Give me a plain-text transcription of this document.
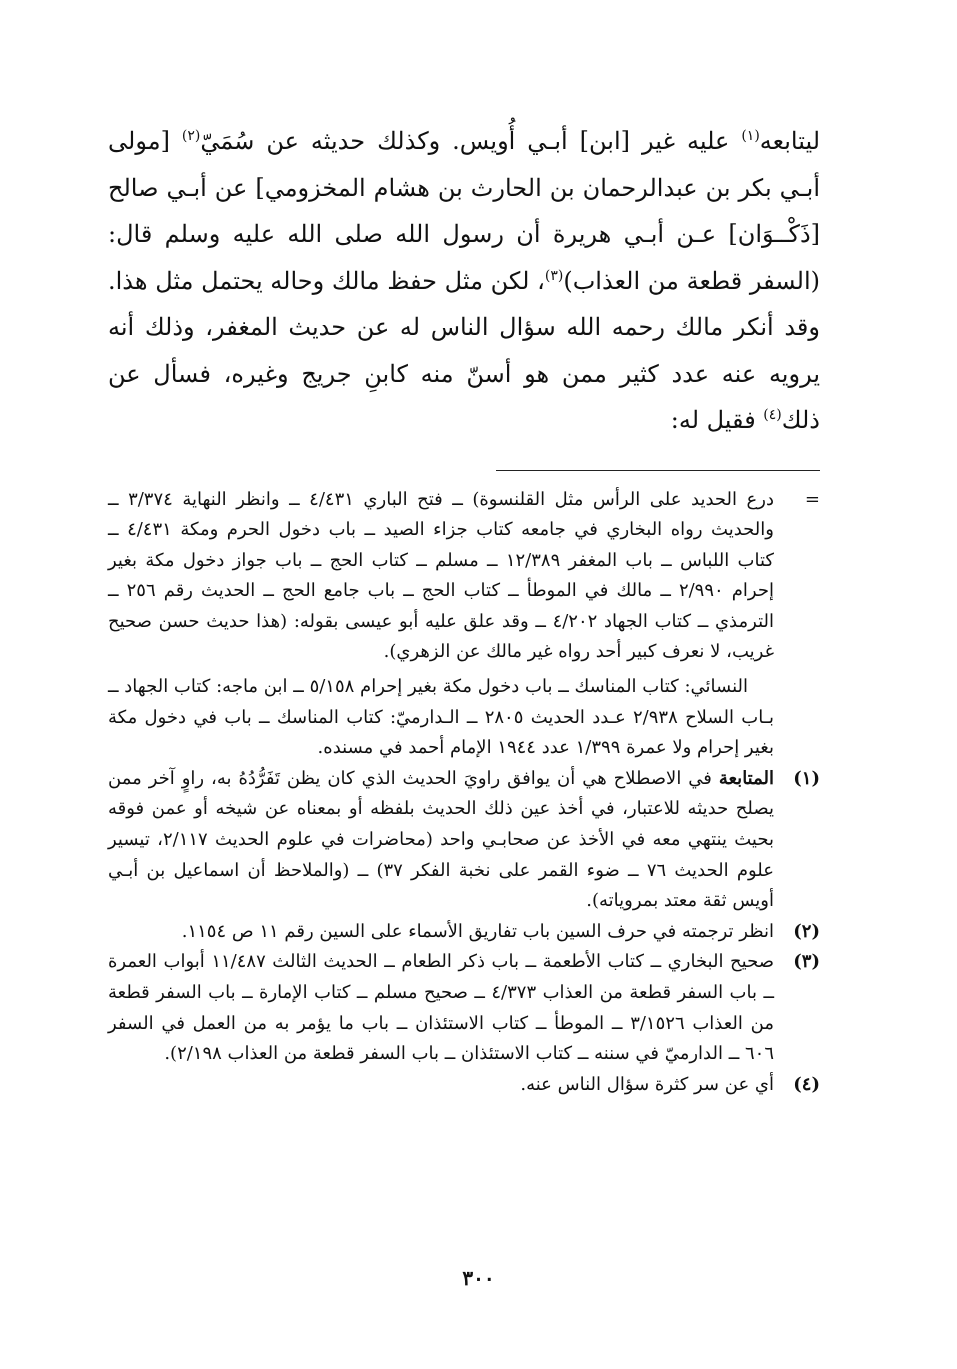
ليتابعه$^{(١)}$ عليه غير [ابن] أبـي أُويس. وكذلك حديثه عن سُمَيّ$^{(٢)}$ [مولى أبـي بكر بن عبدالرحمان بن الحارث بن هشام المخزومي] عن أبـي صالح [ذَكْــوَان] عـن أبـي هريرة أن رسول الله صلى الله عليه وسلم قال: (السفر قطعة من العذاب)$^{(٣)}$، لكن مثل حفظ مالك وحاله يحتمل مثل هذا. وقد أنكر مالك رحمه الله سؤال الناس له عن حديث المغفر، وذلك أنه يرويه عنه عدد كثير ممن هو أسنّ منه كابنِ جريج وغيره، فسأل عن ذلك$^{(٤)}$ فقيل له:

=
درع الحديد على الرأس مثل القلنسوة) ــ فتح الباري ٤/٤٣١ ــ وانظر النهاية ٣/٣٧٤ ــ والحديث رواه البخاري في جامعه كتاب جزاء الصيد ــ باب دخول الحرم ومكة ٤/٤٣١ ــ كتاب اللباس ــ باب المغفر ١٢/٣٨٩ ــ مسلم ــ كتاب الحج ــ باب جواز دخول مكة بغير إحرام ٢/٩٩٠ ــ مالك في الموطأ ــ كتاب الحج ــ باب جامع الحج ــ الحديث رقم ٢٥٦ ــ الترمذي ــ كتاب الجهاد ٤/٢٠٢ ــ وقد علق عليه أبو عيسى بقوله: (هذا حديث حسن صحيح غريب، لا نعرف كبير أحد رواه غير مالك عن الزهري).
النسائي: كتاب المناسك ــ باب دخول مكة بغير إحرام ٥/١٥٨ ــ ابن ماجه: كتاب الجهاد ــ بـاب السلاح ٢/٩٣٨ عـدد الحديث ٢٨٠٥ ــ الـدارميّ: كتاب المناسك ــ باب في دخول مكة بغير إحرام ولا عمرة ١/٣٩٩ عدد ١٩٤٤ الإمام أحمد في مسنده.
(١)
المتابعة في الاصطلاح هي أن يوافق راويَ الحديث الذي كان يظن تَفَرُّدُهُ به، راوٍ آخر ممن يصلح حديثه للاعتبار، في أخذ عين ذلك الحديث بلفظه أو بمعناه عن شيخه أو عمن فوقه بحيث ينتهي معه في الأخذ عن صحابـي واحد (محاضرات في علوم الحديث ٢/١١٧، تيسير علوم الحديث ٧٦ ــ ضوء القمر على نخبة الفكر ٣٧) ــ (والملاحظ أن اسماعيل بن أبـي أويس ثقة معتد بمروياته).
(٢)
انظر ترجمته في حرف السين باب تفاريق الأسماء على السين رقم ١١ ص ١١٥٤.
(٣)
صحيح البخاري ــ كتاب الأطعمة ــ باب ذكر الطعام ــ الحديث الثالث ١١/٤٨٧ أبواب العمرة ــ باب السفر قطعة من العذاب ٤/٣٧٣ ــ صحيح مسلم ــ كتاب الإمارة ــ باب السفر قطعة من العذاب ٣/١٥٢٦ ــ الموطأ ــ كتاب الاستئذان ــ باب ما يؤمر به من العمل في السفر ٦٠٦ ــ الدارميّ في سننه ــ كتاب الاستئذان ــ باب السفر قطعة من العذاب ٢/١٩٨).
(٤)
أي عن سر كثرة سؤال الناس عنه.
٣٠٠
